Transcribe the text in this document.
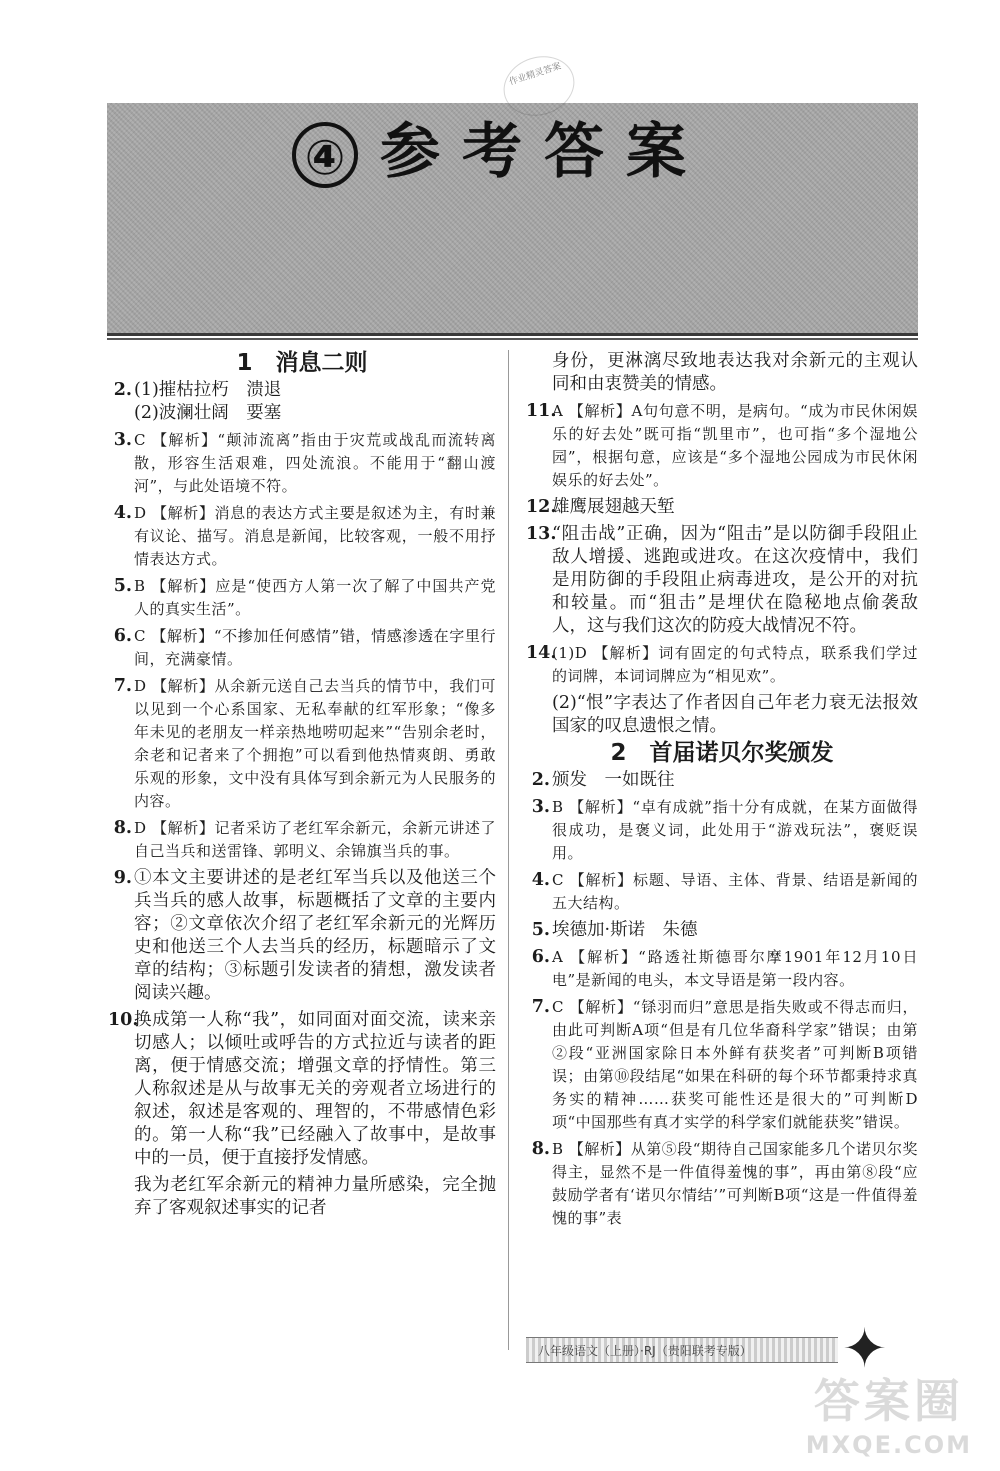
作业精灵答案
④ 参考答案
1　消息二则
2. (1)摧枯拉朽　溃退
(2)波澜壮阔　要塞
3. C 【解析】“颠沛流离”指由于灾荒或战乱而流转离散，形容生活艰难，四处流浪。不能用于“翻山渡河”，与此处语境不符。
4. D 【解析】消息的表达方式主要是叙述为主，有时兼有议论、描写。消息是新闻，比较客观，一般不用抒情表达方式。
5. B 【解析】应是“使西方人第一次了解了中国共产党人的真实生活”。
6. C 【解析】“不掺加任何感情”错，情感渗透在字里行间，充满豪情。
7. D 【解析】从余新元送自己去当兵的情节中，我们可以见到一个心系国家、无私奉献的红军形象；“像多年未见的老朋友一样亲热地唠叨起来”“告别余老时，余老和记者来了个拥抱”可以看到他热情爽朗、勇敢乐观的形象，文中没有具体写到余新元为人民服务的内容。
8. D 【解析】记者采访了老红军余新元，余新元讲述了自己当兵和送雷锋、郭明义、余锦旗当兵的事。
9. ①本文主要讲述的是老红军当兵以及他送三个兵当兵的感人故事，标题概括了文章的主要内容；②文章依次介绍了老红军余新元的光辉历史和他送三个人去当兵的经历，标题暗示了文章的结构；③标题引发读者的猜想，激发读者阅读兴趣。
10.
换成第一人称“我”，如同面对面交流，读来亲切感人；以倾吐或呼告的方式拉近与读者的距离，便于情感交流；增强文章的抒情性。第三人称叙述是从与故事无关的旁观者立场进行的叙述，叙述是客观的、理智的，不带感情色彩的。第一人称“我”已经融入了故事中，是故事中的一员，便于直接抒发情感。
我为老红军余新元的精神力量所感染，完全抛弃了客观叙述事实的记者
身份，更淋漓尽致地表达我对余新元的主观认同和由衷赞美的情感。
11.
A 【解析】A句句意不明，是病句。“成为市民休闲娱乐的好去处”既可指“凯里市”，也可指“多个湿地公园”，根据句意，应该是“多个湿地公园成为市民休闲娱乐的好去处”。
12.
雄鹰展翅越天堑
13.
“阻击战”正确，因为“阻击”是以防御手段阻止敌人增援、逃跑或进攻。在这次疫情中，我们是用防御的手段阻止病毒进攻，是公开的对抗和较量。而“狙击”是埋伏在隐秘地点偷袭敌人，这与我们这次的防疫大战情况不符。
14.
(1)D 【解析】词有固定的句式特点，联系我们学过的词牌，本词词牌应为“相见欢”。
(2)“恨”字表达了作者因自己年老力衰无法报效国家的叹息遗恨之情。
2　首届诺贝尔奖颁发
2. 颁发　一如既往
3. B 【解析】“卓有成就”指十分有成就，在某方面做得很成功，是褒义词，此处用于“游戏玩法”，褒贬误用。
4. C 【解析】标题、导语、主体、背景、结语是新闻的五大结构。
5. 埃德加·斯诺　朱德
6. A 【解析】“路透社斯德哥尔摩1901年12月10日电”是新闻的电头，本文导语是第一段内容。
7. C 【解析】“铩羽而归”意思是指失败或不得志而归，由此可判断A项“但是有几位华裔科学家”错误；由第②段“亚洲国家除日本外鲜有获奖者”可判断B项错误；由第⑩段结尾“如果在科研的每个环节都秉持求真务实的精神……获奖可能性还是很大的”可判断D项“中国那些有真才实学的科学家们就能获奖”错误。
8. B 【解析】从第⑤段“期待自己国家能多几个诺贝尔奖得主，显然不是一件值得羞愧的事”，再由第⑧段“应鼓励学者有‘诺贝尔情结’”可判断B项“这是一件值得羞愧的事”表
八年级语文（上册）·RJ（贵阳联考专版）	✦
答案圈
MXQE.COM
